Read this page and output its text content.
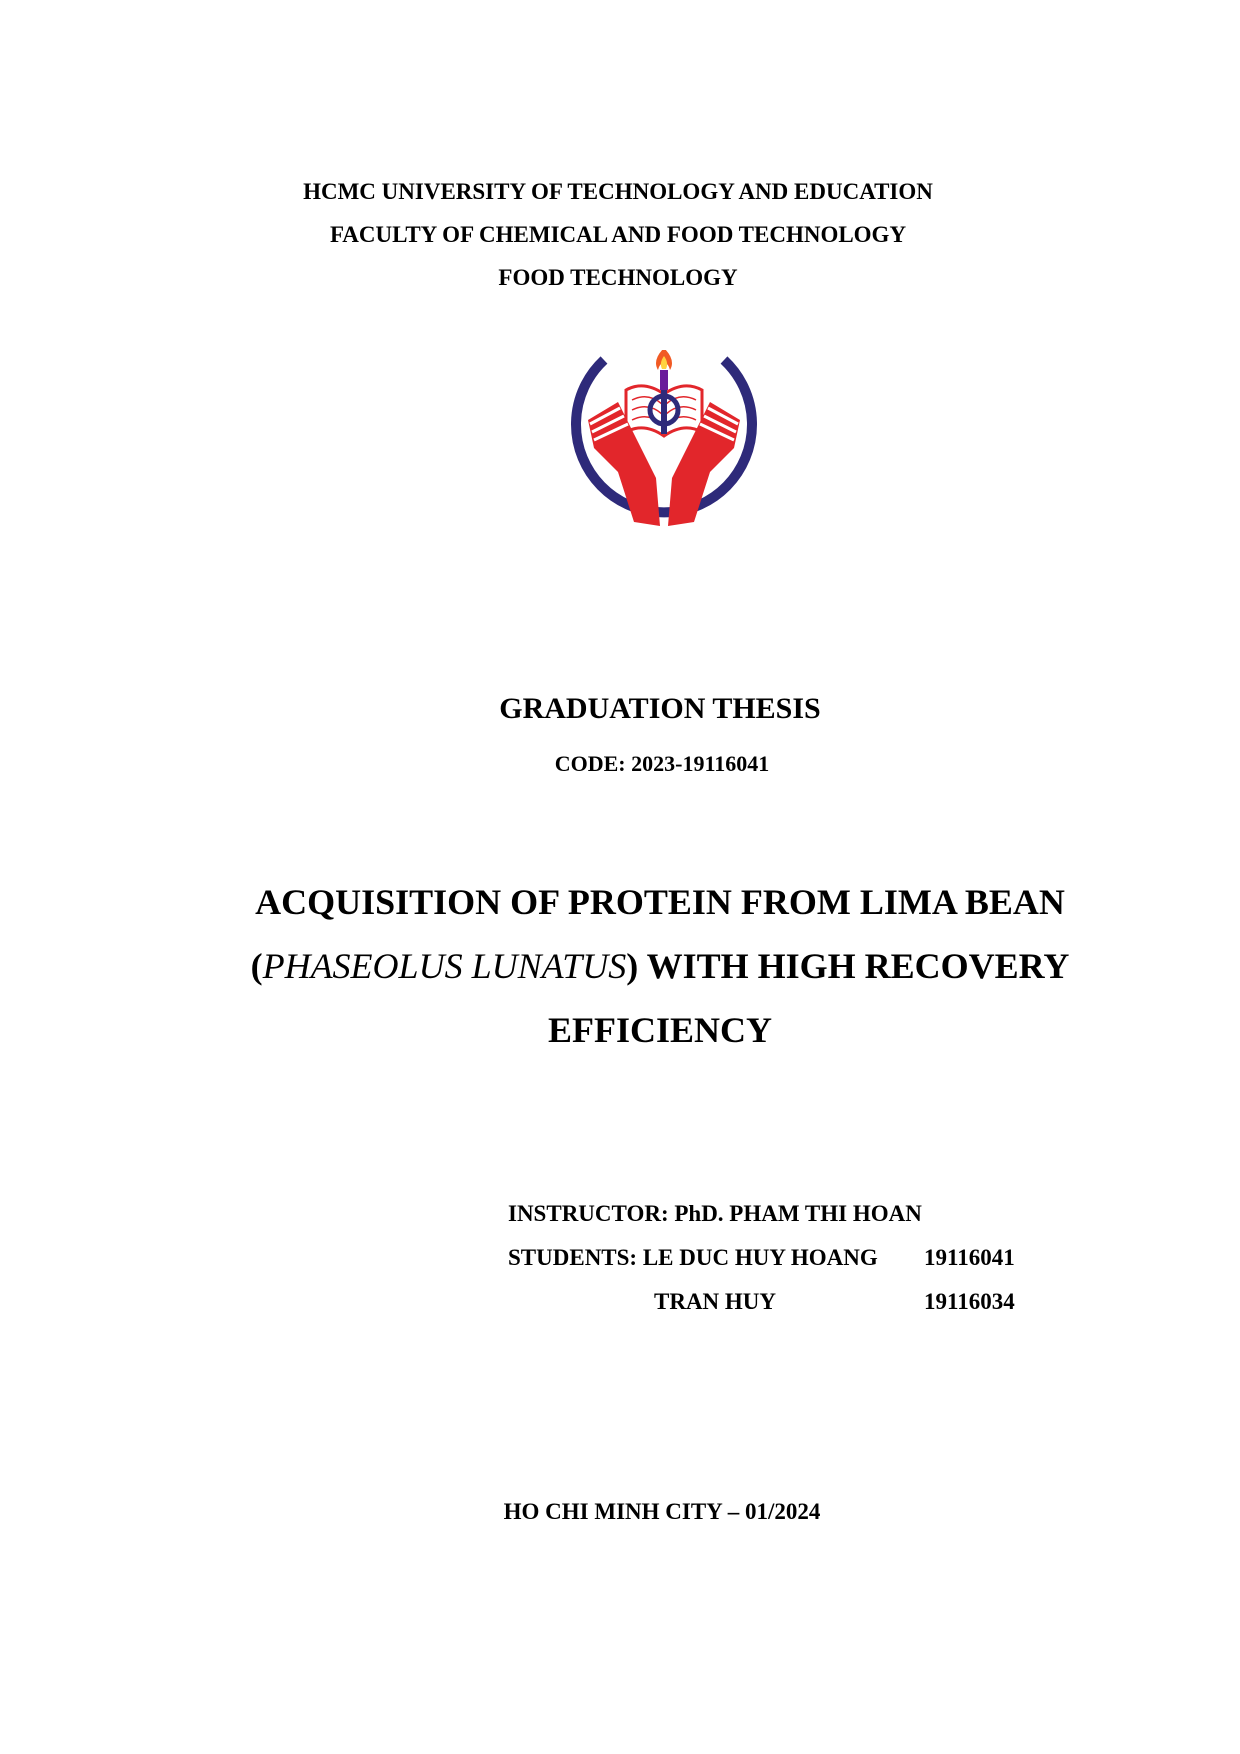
HCMC UNIVERSITY OF TECHNOLOGY AND EDUCATION
FACULTY OF CHEMICAL AND FOOD TECHNOLOGY
FOOD TECHNOLOGY
GRADUATION THESIS
CODE: 2023-19116041
ACQUISITION OF PROTEIN FROM LIMA BEAN
(PHASEOLUS LUNATUS) WITH HIGH RECOVERY
EFFICIENCY
INSTRUCTOR: PhD. PHAM THI HOAN
STUDENTS: LE DUC HUY HOANG 19116041
TRAN HUY	19116034
HO CHI MINH CITY – 01/2024
